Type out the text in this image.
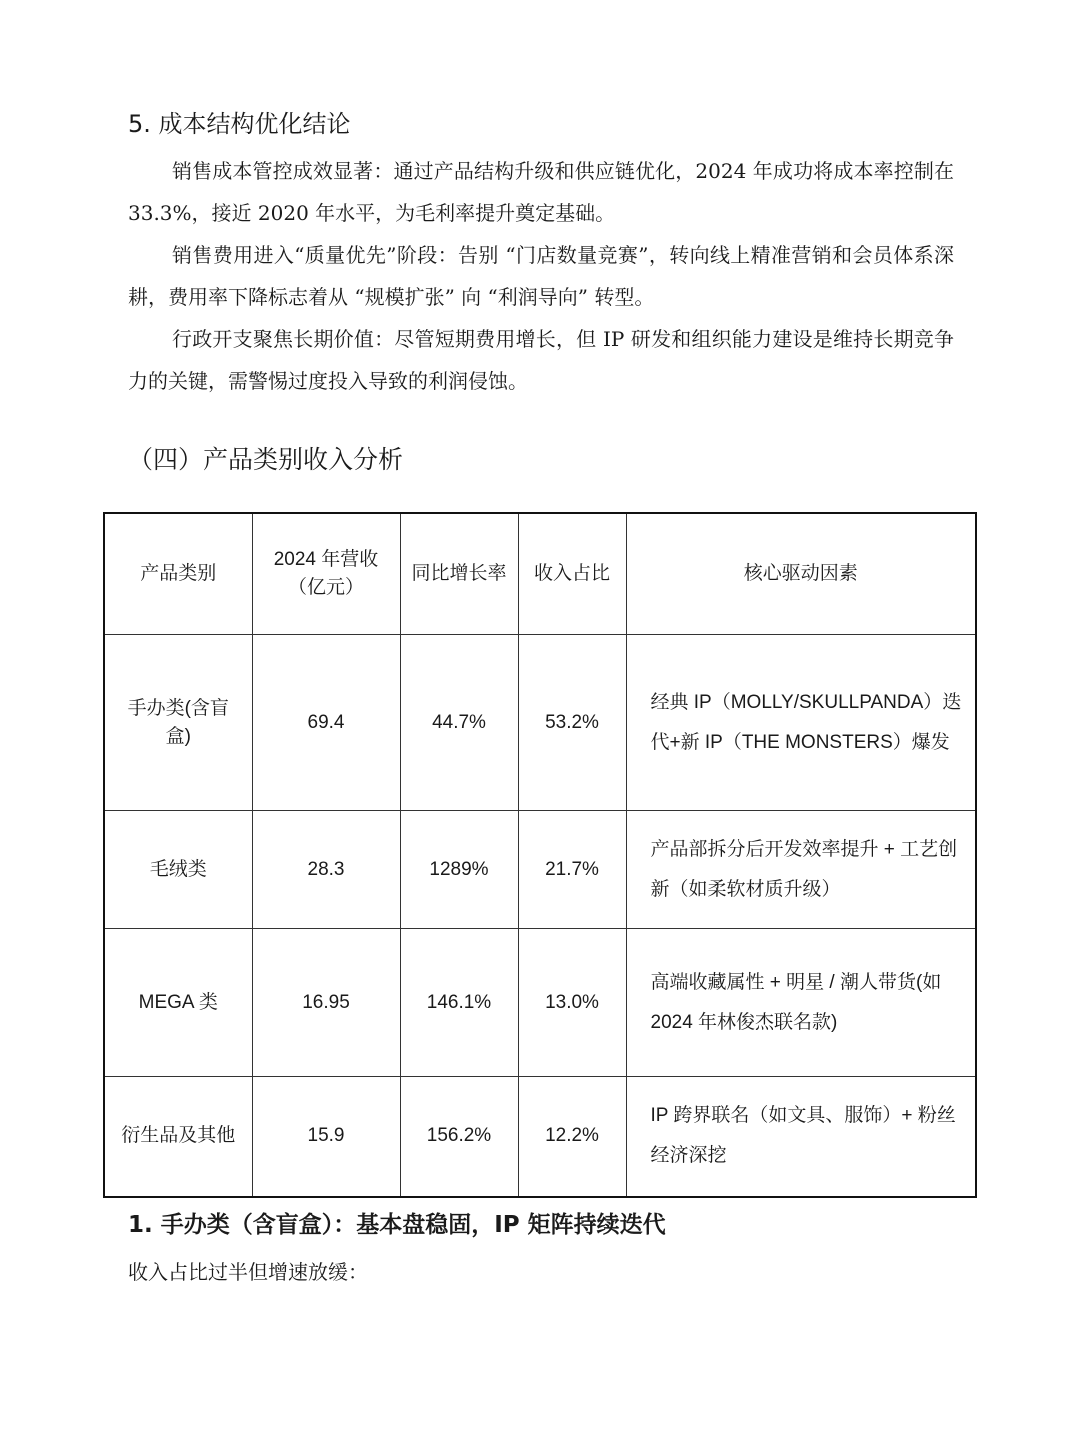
5. 成本结构优化结论
销售成本管控成效显著：通过产品结构升级和供应链优化，2024 年成功将成本率控制在 33.3%，接近 2020 年水平，为毛利率提升奠定基础。
销售费用进入“质量优先”阶段：告别 “门店数量竞赛”，转向线上精准营销和会员体系深耕，费用率下降标志着从 “规模扩张” 向 “利润导向” 转型。
行政开支聚焦长期价值：尽管短期费用增长，但 IP 研发和组织能力建设是维持长期竞争力的关键，需警惕过度投入导致的利润侵蚀。
（四）产品类别收入分析
产品类别	2024 年营收（亿元）	同比增长率	收入占比	核心驱动因素
手办类(含盲盒)	69.4	44.7%	53.2%	经典 IP（MOLLY/SKULLPANDA）迭代+新 IP（THE MONSTERS）爆发
毛绒类	28.3	1289%	21.7%	产品部拆分后开发效率提升 + 工艺创新（如柔软材质升级）
MEGA 类	16.95	146.1%	13.0%	高端收藏属性 + 明星 / 潮人带货(如 2024 年林俊杰联名款)
衍生品及其他	15.9	156.2%	12.2%	IP 跨界联名（如文具、服饰）+ 粉丝经济深挖
1. 手办类（含盲盒）：基本盘稳固，IP 矩阵持续迭代
收入占比过半但增速放缓：
